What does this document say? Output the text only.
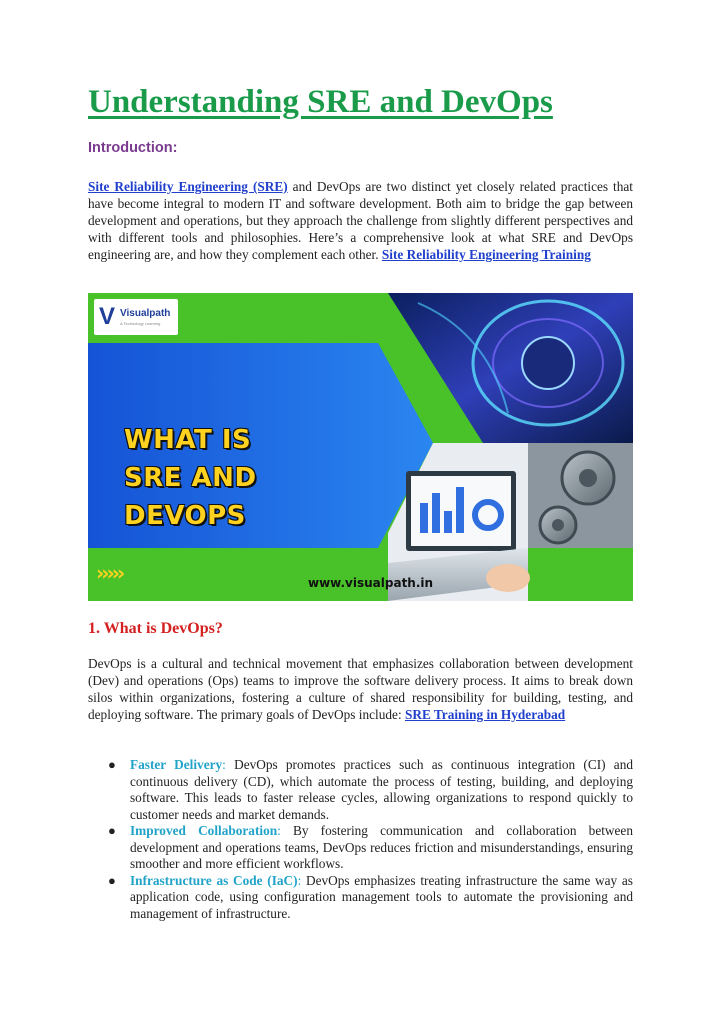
Understanding SRE and DevOps
Introduction:

Site Reliability Engineering (SRE) and DevOps are two distinct yet closely related practices that have become integral to modern IT and software development. Both aim to bridge the gap between development and operations, but they approach the challenge from slightly different perspectives and with different tools and philosophies. Here’s a comprehensive look at what SRE and DevOps engineering are, and how they complement each other. Site Reliability Engineering Training

V Visualpath
A Technology Learning
WHAT IS
SRE AND DEVOPS
›››››	www.visualpath.in
1. What is DevOps?

DevOps is a cultural and technical movement that emphasizes collaboration between development (Dev) and operations (Ops) teams to improve the software delivery process. It aims to break down silos within organizations, fostering a culture of shared responsibility for building, testing, and deploying software. The primary goals of DevOps include: SRE Training in Hyderabad

● Faster Delivery: DevOps promotes practices such as continuous integration (CI) and continuous delivery (CD), which automate the process of testing, building, and deploying software. This leads to faster release cycles, allowing organizations to respond quickly to customer needs and market demands.
● Improved Collaboration: By fostering communication and collaboration between development and operations teams, DevOps reduces friction and misunderstandings, ensuring smoother and more efficient workflows.
● Infrastructure as Code (IaC): DevOps emphasizes treating infrastructure the same way as application code, using configuration management tools to automate the provisioning and management of infrastructure.
